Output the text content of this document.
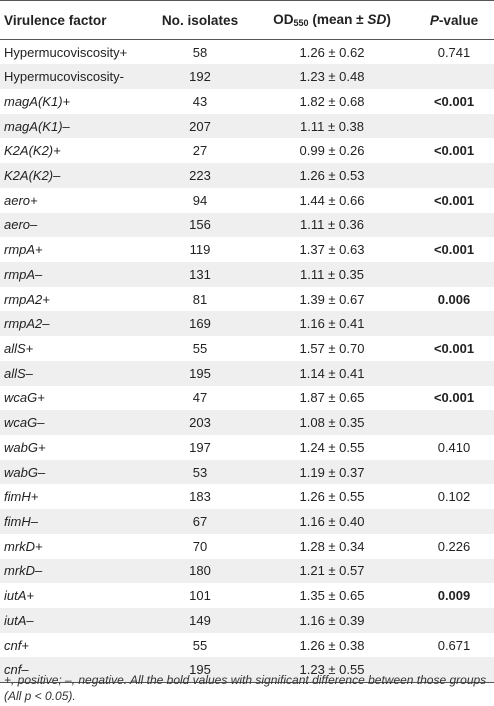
Virulence factor	No. isolates	$OD_{550}$ (mean ± SD)	P-value
Hypermucoviscosity+	58	1.26 ± 0.62	0.741
Hypermucoviscosity-	192	1.23 ± 0.48	
magA(K1)+	43	1.82 ± 0.68	<0.001
magA(K1)–	207	1.11 ± 0.38	
K2A(K2)+	27	0.99 ± 0.26	<0.001
K2A(K2)–	223	1.26 ± 0.53	
aero+	94	1.44 ± 0.66	<0.001
aero–	156	1.11 ± 0.36	
rmpA+	119	1.37 ± 0.63	<0.001
rmpA–	131	1.11 ± 0.35	
rmpA2+	81	1.39 ± 0.67	0.006
rmpA2–	169	1.16 ± 0.41	
allS+	55	1.57 ± 0.70	<0.001
allS–	195	1.14 ± 0.41	
wcaG+	47	1.87 ± 0.65	<0.001
wcaG–	203	1.08 ± 0.35	
wabG+	197	1.24 ± 0.55	0.410
wabG–	53	1.19 ± 0.37	
fimH+	183	1.26 ± 0.55	0.102
fimH–	67	1.16 ± 0.40	
mrkD+	70	1.28 ± 0.34	0.226
mrkD–	180	1.21 ± 0.57	
iutA+	101	1.35 ± 0.65	0.009
iutA–	149	1.16 ± 0.39	
cnf+	55	1.26 ± 0.38	0.671
cnf–	195	1.23 ± 0.55	
+, positive; –, negative. All the bold values with significant difference between those groups (All p < 0.05).
